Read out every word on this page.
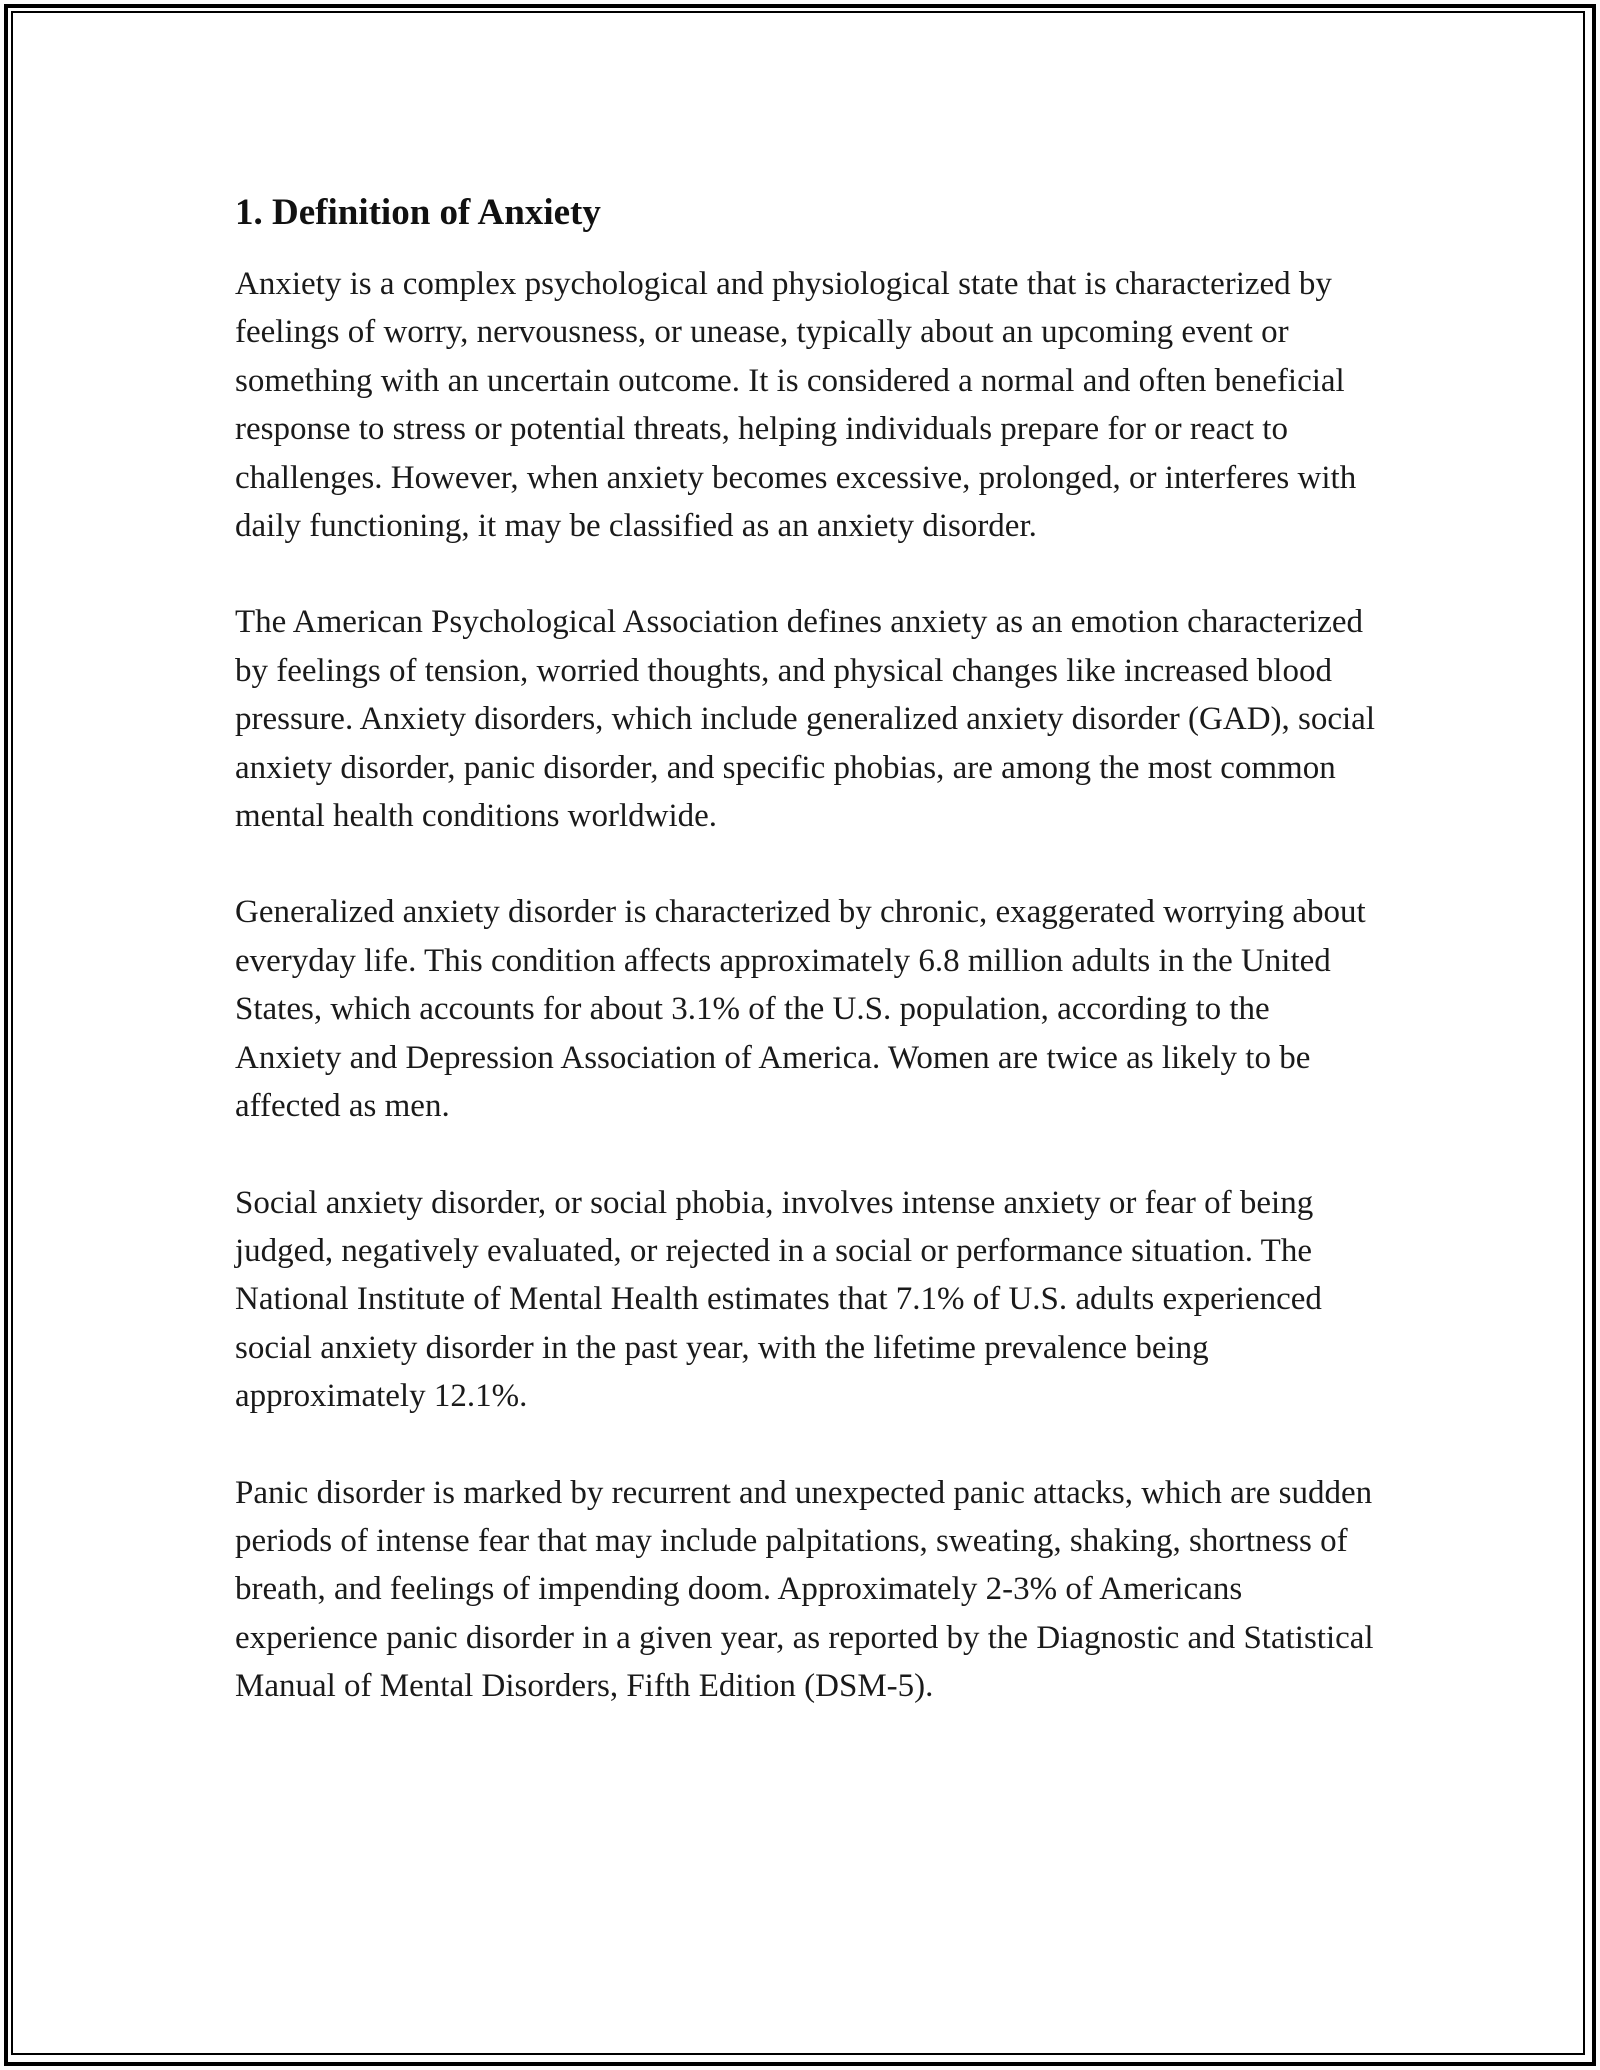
1. Definition of Anxiety

Anxiety is a complex psychological and physiological state that is characterized by feelings of worry, nervousness, or unease, typically about an upcoming event or something with an uncertain outcome. It is considered a normal and often beneficial response to stress or potential threats, helping individuals prepare for or react to challenges. However, when anxiety becomes excessive, prolonged, or interferes with daily functioning, it may be classified as an anxiety disorder.

The American Psychological Association defines anxiety as an emotion characterized by feelings of tension, worried thoughts, and physical changes like increased blood pressure. Anxiety disorders, which include generalized anxiety disorder (GAD), social anxiety disorder, panic disorder, and specific phobias, are among the most common mental health conditions worldwide.

Generalized anxiety disorder is characterized by chronic, exaggerated worrying about everyday life. This condition affects approximately 6.8 million adults in the United States, which accounts for about 3.1% of the U.S. population, according to the Anxiety and Depression Association of America. Women are twice as likely to be affected as men.

Social anxiety disorder, or social phobia, involves intense anxiety or fear of being judged, negatively evaluated, or rejected in a social or performance situation. The National Institute of Mental Health estimates that 7.1% of U.S. adults experienced social anxiety disorder in the past year, with the lifetime prevalence being approximately 12.1%.

Panic disorder is marked by recurrent and unexpected panic attacks, which are sudden periods of intense fear that may include palpitations, sweating, shaking, shortness of breath, and feelings of impending doom. Approximately 2-3% of Americans experience panic disorder in a given year, as reported by the Diagnostic and Statistical Manual of Mental Disorders, Fifth Edition (DSM-5).
